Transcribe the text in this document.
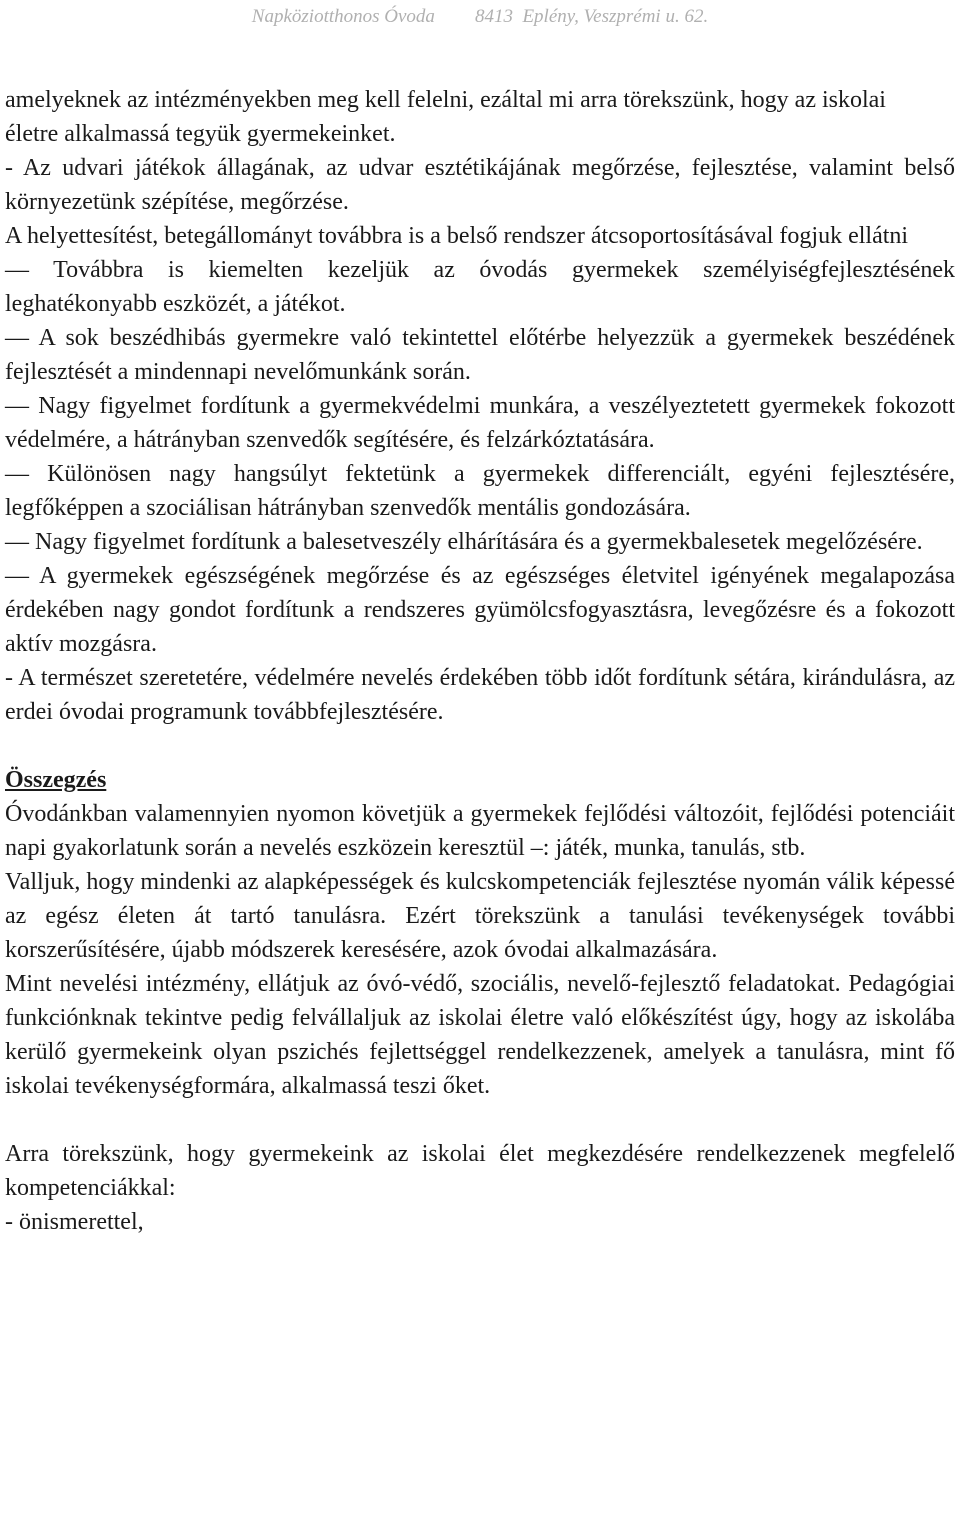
Napköziotthonos Óvoda 8413  Eplény, Veszprémi u. 62.

amelyeknek az intézményekben meg kell felelni, ezáltal mi arra törekszünk, hogy az iskolai

életre alkalmassá tegyük gyermekeinket.

- Az udvari játékok állagának, az udvar esztétikájának megőrzése, fejlesztése, valamint belső környezetünk szépítése, megőrzése.

A helyettesítést, betegállományt továbbra is a belső rendszer átcsoportosításával fogjuk ellátni

— Továbbra is kiemelten kezeljük az óvodás gyermekek személyiségfejlesztésének leghatékonyabb eszközét, a játékot.

— A sok beszédhibás gyermekre való tekintettel előtérbe helyezzük a gyermekek beszédének fejlesztését a mindennapi nevelőmunkánk során.

— Nagy figyelmet fordítunk a gyermekvédelmi munkára, a veszélyeztetett gyermekek fokozott védelmére, a hátrányban szenvedők segítésére, és felzárkóztatására.

— Különösen nagy hangsúlyt fektetünk a gyermekek differenciált, egyéni fejlesztésére, legfőképpen a szociálisan hátrányban szenvedők mentális gondozására.

— Nagy figyelmet fordítunk a balesetveszély elhárítására és a gyermekbalesetek megelőzésére.

— A gyermekek egészségének megőrzése és az egészséges életvitel igényének megalapozása érdekében nagy gondot fordítunk a rendszeres gyümölcsfogyasztásra, levegőzésre és a fokozott aktív mozgásra.

- A természet szeretetére, védelmére nevelés érdekében több időt fordítunk sétára, kirándulásra, az erdei óvodai programunk továbbfejlesztésére.

Összegzés

Óvodánkban valamennyien nyomon követjük a gyermekek fejlődési változóit, fejlődési potenciáit napi gyakorlatunk során a nevelés eszközein keresztül –: játék, munka, tanulás, stb.

Valljuk, hogy mindenki az alapképességek és kulcskompetenciák fejlesztése nyomán válik képessé az egész életen át tartó tanulásra. Ezért törekszünk a tanulási tevékenységek további korszerűsítésére, újabb módszerek keresésére, azok óvodai alkalmazására.

Mint nevelési intézmény, ellátjuk az óvó-védő, szociális, nevelő-fejlesztő feladatokat. Pedagógiai funkciónknak tekintve pedig felvállaljuk az iskolai életre való előkészítést úgy, hogy az iskolába kerülő gyermekeink olyan pszichés fejlettséggel rendelkezzenek, amelyek a tanulásra, mint fő iskolai tevékenységformára, alkalmassá teszi őket.

Arra törekszünk, hogy gyermekeink az iskolai élet megkezdésére rendelkezzenek megfelelő kompetenciákkal:

- önismerettel,
